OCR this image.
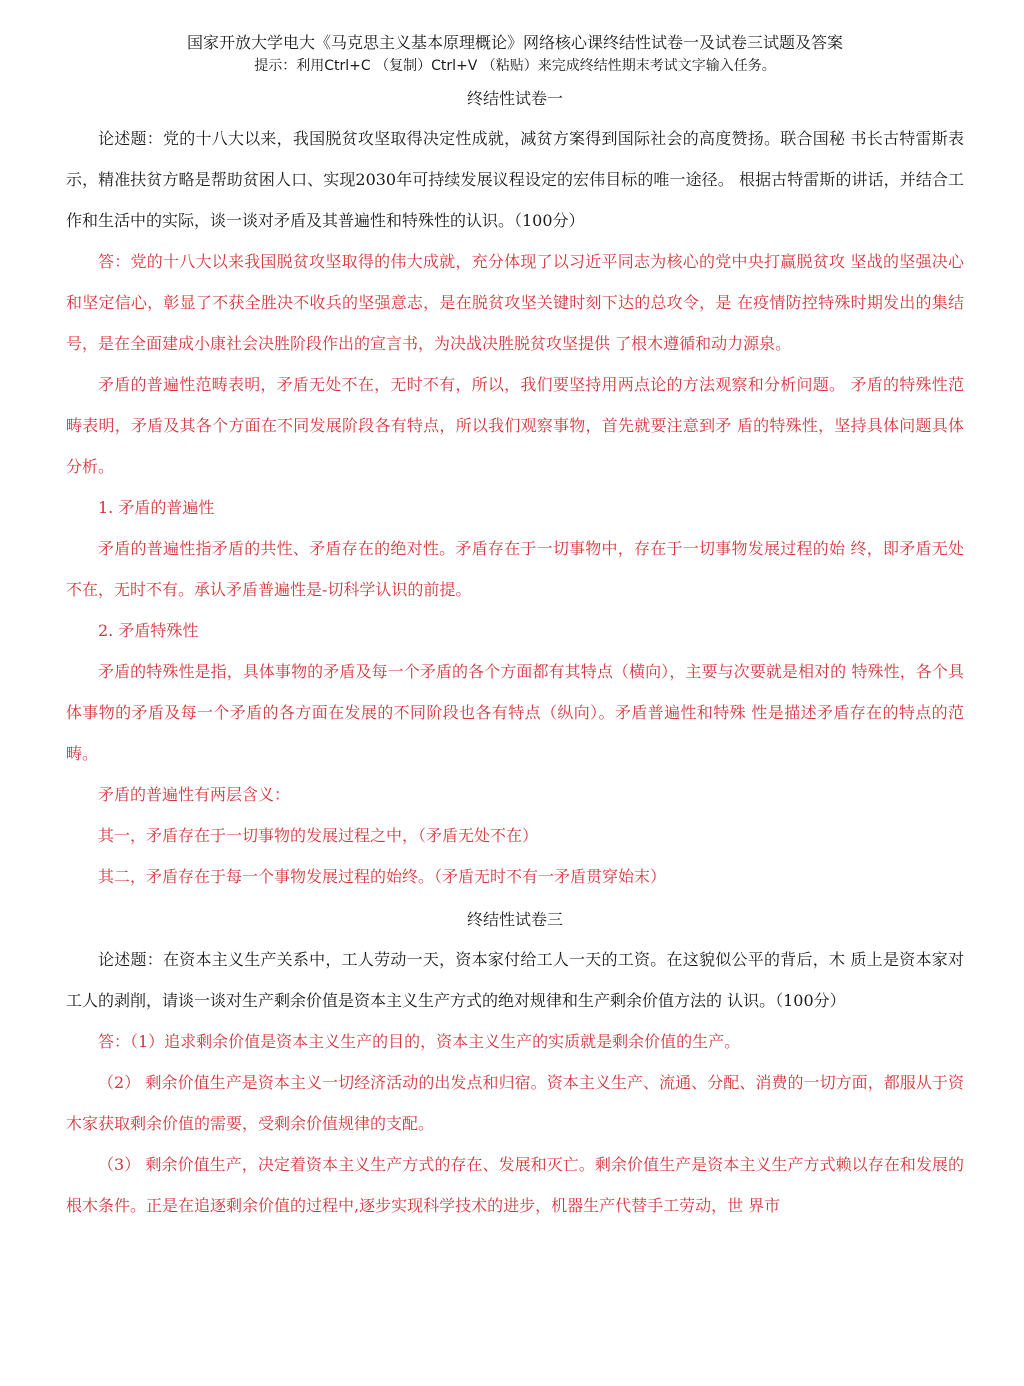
国家开放大学电大《马克思主义基本原理概论》网络核心课终结性试卷一及试卷三试题及答案

提示：利用Ctrl+C （复制）Ctrl+V （粘贴）来完成终结性期末考试文字输入任务。

终结性试卷一

论述题：党的十八大以来，我国脱贫攻坚取得决定性成就，减贫方案得到国际社会的高度赞扬。联合国秘 书长古特雷斯表示，精准扶贫方略是帮助贫困人口、实现2030年可持续发展议程设定的宏伟目标的唯一途径。 根据古特雷斯的讲话，并结合工作和生活中的实际，谈一谈对矛盾及其普遍性和特殊性的认识。（100分）

答：党的十八大以来我国脱贫攻坚取得的伟大成就，充分体现了以习近平同志为核心的党中央打赢脱贫攻 坚战的坚强决心和坚定信心，彰显了不获全胜决不收兵的坚强意志，是在脱贫攻坚关键时刻下达的总攻令，是 在疫情防控特殊时期发出的集结号，是在全面建成小康社会决胜阶段作出的宣言书，为决战决胜脱贫攻坚提供 了根木遵循和动力源泉。

矛盾的普遍性范畴表明，矛盾无处不在，无时不有，所以，我们要坚持用两点论的方法观察和分析问题。 矛盾的特殊性范畴表明，矛盾及其各个方面在不同发展阶段各有特点，所以我们观察事物，首先就要注意到矛 盾的特殊性，坚持具体问题具体分析。

1. 矛盾的普遍性

矛盾的普遍性指矛盾的共性、矛盾存在的绝对性。矛盾存在于一切事物中，存在于一切事物发展过程的始 终，即矛盾无处不在，无时不有。承认矛盾普遍性是-切科学认识的前提。

2. 矛盾特殊性

矛盾的特殊性是指，具体事物的矛盾及每一个矛盾的各个方面都有其特点（横向），主要与次要就是相对的 特殊性，各个具体事物的矛盾及每一个矛盾的各方面在发展的不同阶段也各有特点（纵向）。矛盾普遍性和特殊 性是描述矛盾存在的特点的范畴。

矛盾的普遍性有两层含义：

其一，矛盾存在于一切事物的发展过程之中，（矛盾无处不在）

其二，矛盾存在于每一个事物发展过程的始终。（矛盾无时不有一矛盾贯穿始末）

终结性试卷三

论述题：在资本主义生产关系中，工人劳动一天，资本家付给工人一天的工资。在这貌似公平的背后，木 质上是资本家对工人的剥削，请谈一谈对生产剩余价值是资本主义生产方式的绝对规律和生产剩余价值方法的 认识。（100分）

答：（1）追求剩余价值是资本主义生产的目的，资本主义生产的实质就是剩余价值的生产。

（2） 剩余价值生产是资本主义一切经济活动的出发点和归宿。资本主义生产、流通、分配、消费的一切方面，都服从于资木家获取剩余价值的需要，受剩余价值规律的支配。

（3） 剩余价值生产，决定着资本主义生产方式的存在、发展和灭亡。剩余价值生产是资本主义生产方式赖以存在和发展的根木条件。正是在追逐剩余价值的过程中,逐步实现科学技术的进步，机器生产代替手工劳动，世 界市
